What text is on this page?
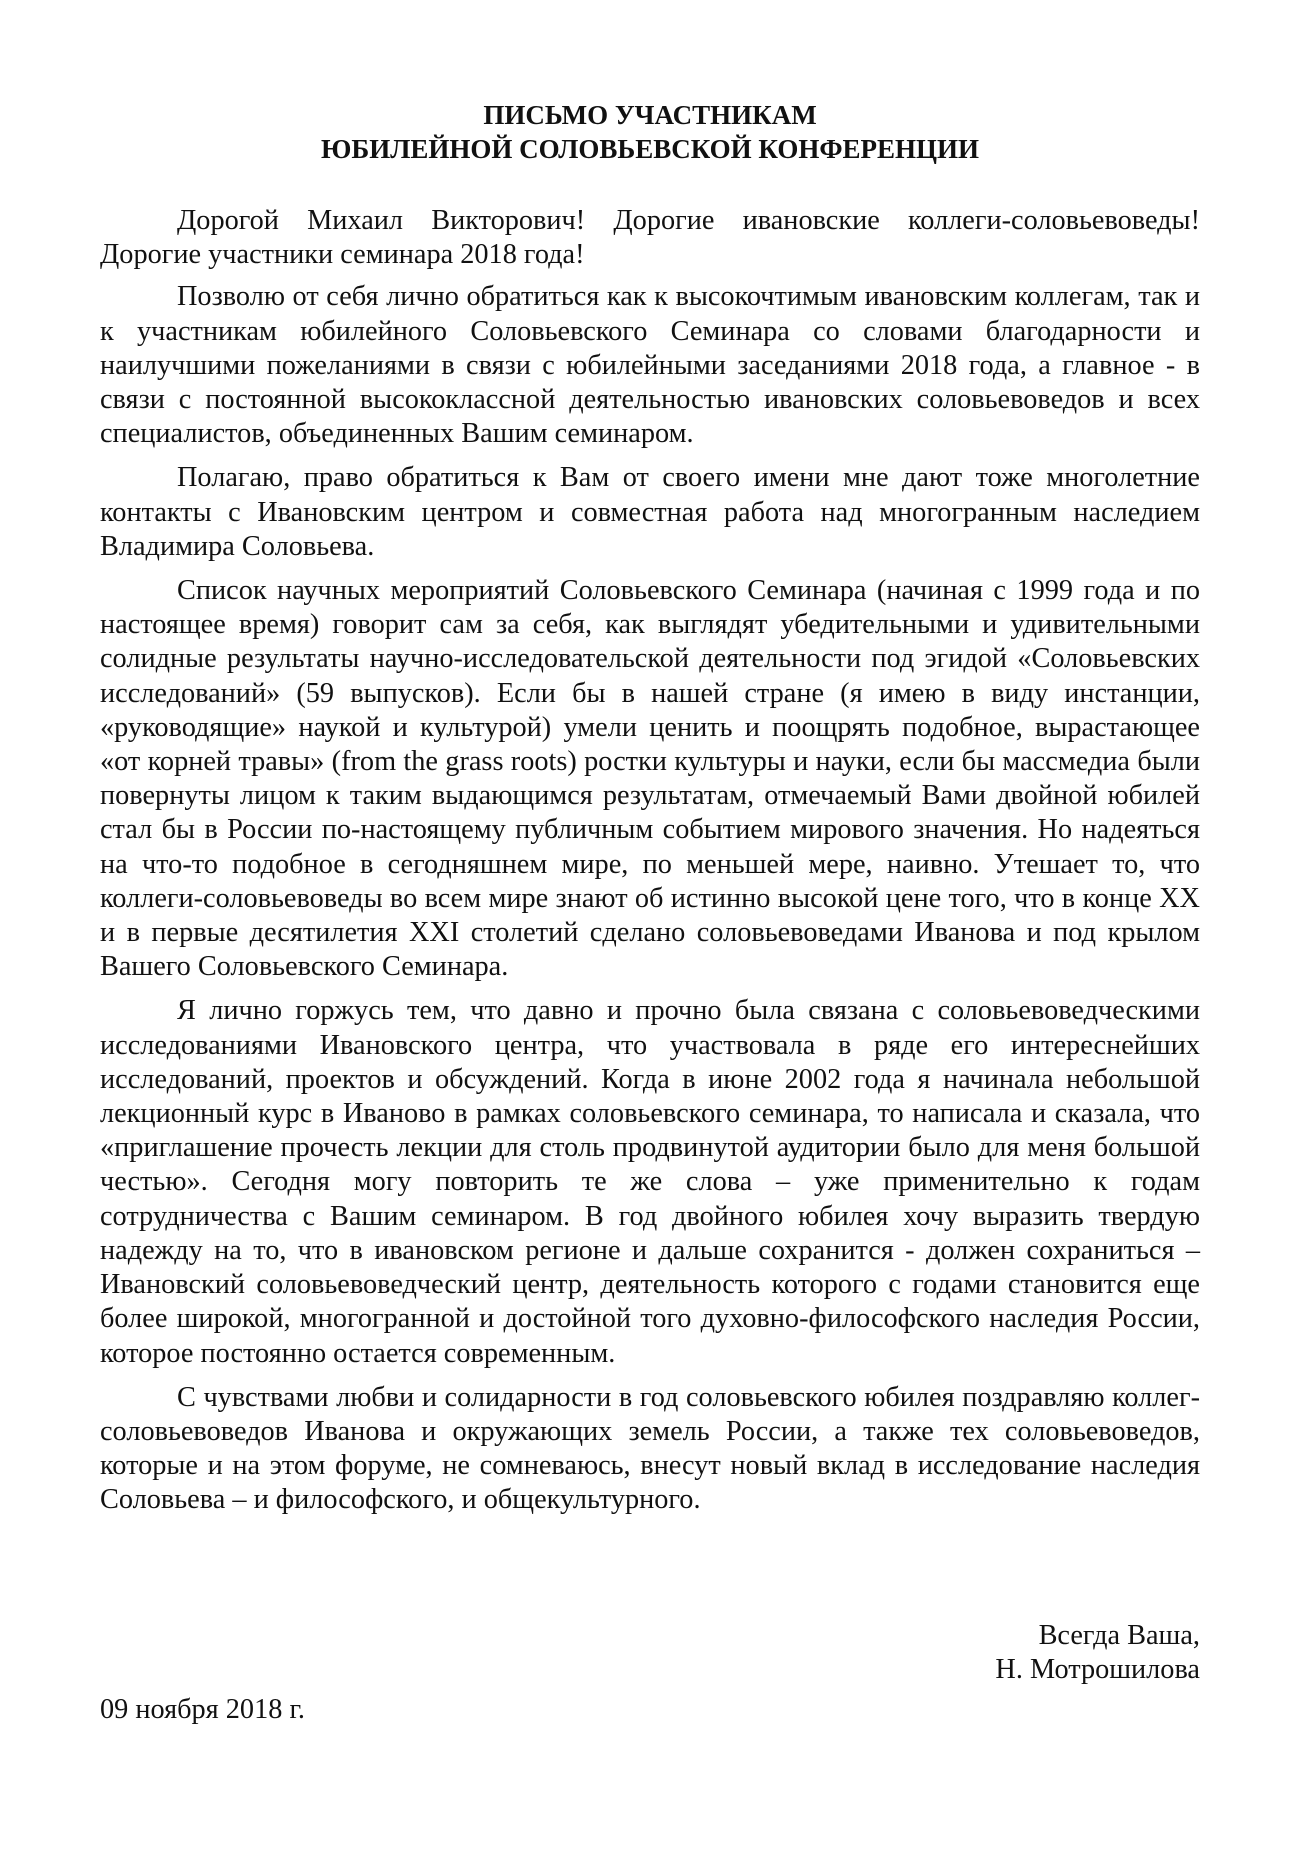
ПИСЬМО УЧАСТНИКАМ
ЮБИЛЕЙНОЙ СОЛОВЬЕВСКОЙ КОНФЕРЕНЦИИ

Дорогой Михаил Викторович! Дорогие ивановские коллеги-соловьевоведы! Дорогие участники семинара 2018 года!

Позволю от себя лично обратиться как к высокочтимым ивановским коллегам, так и к участникам юбилейного Соловьевского Семинара со словами благодарности и наилучшими пожеланиями в связи с юбилейными заседаниями 2018 года, а главное - в связи с постоянной высококлассной деятельностью ивановских соловьевоведов и всех специалистов, объединенных Вашим семинаром.

Полагаю, право обратиться к Вам от своего имени мне дают тоже многолетние контакты с Ивановским центром и совместная работа над многогранным наследием Владимира Соловьева.

Список научных мероприятий Соловьевского Семинара (начиная с 1999 года и по настоящее время) говорит сам за себя, как выглядят убедительными и удивительными солидные результаты научно-исследовательской деятельности под эгидой «Соловьевских исследований» (59 выпусков). Если бы в нашей стране (я имею в виду инстанции, «руководящие» наукой и культурой) умели ценить и поощрять подобное, вырастающее «от корней травы» (from the grass roots) ростки культуры и науки, если бы массмедиа были повернуты лицом к таким выдающимся результатам, отмечаемый Вами двойной юбилей стал бы в России по-настоящему публичным событием мирового значения. Но надеяться на что-то подобное в сегодняшнем мире, по меньшей мере, наивно. Утешает то, что коллеги-соловьевоведы во всем мире знают об истинно высокой цене того, что в конце XX и в первые десятилетия XXI столетий сделано соловьевоведами Иванова и под крылом Вашего Соловьевского Семинара.

Я лично горжусь тем, что давно и прочно была связана с соловьевоведческими исследованиями Ивановского центра, что участвовала в ряде его интереснейших исследований, проектов и обсуждений. Когда в июне 2002 года я начинала небольшой лекционный курс в Иваново в рамках соловьевского семинара, то написала и сказала, что «приглашение прочесть лекции для столь продвинутой аудитории было для меня большой честью». Сегодня могу повторить те же слова – уже применительно к годам сотрудничества с Вашим семинаром. В год двойного юбилея хочу выразить твердую надежду на то, что в ивановском регионе и дальше сохранится - должен сохраниться – Ивановский соловьевоведческий центр, деятельность которого с годами становится еще более широкой, многогранной и достойной того духовно-философского наследия России, которое постоянно остается современным.

С чувствами любви и солидарности в год соловьевского юбилея поздравляю коллег-соловьевоведов Иванова и окружающих земель России, а также тех соловьевоведов, которые и на этом форуме, не сомневаюсь, внесут новый вклад в исследование наследия Соловьева – и философского, и общекультурного.

Всегда Ваша,
Н. Мотрошилова
09 ноября 2018 г.
